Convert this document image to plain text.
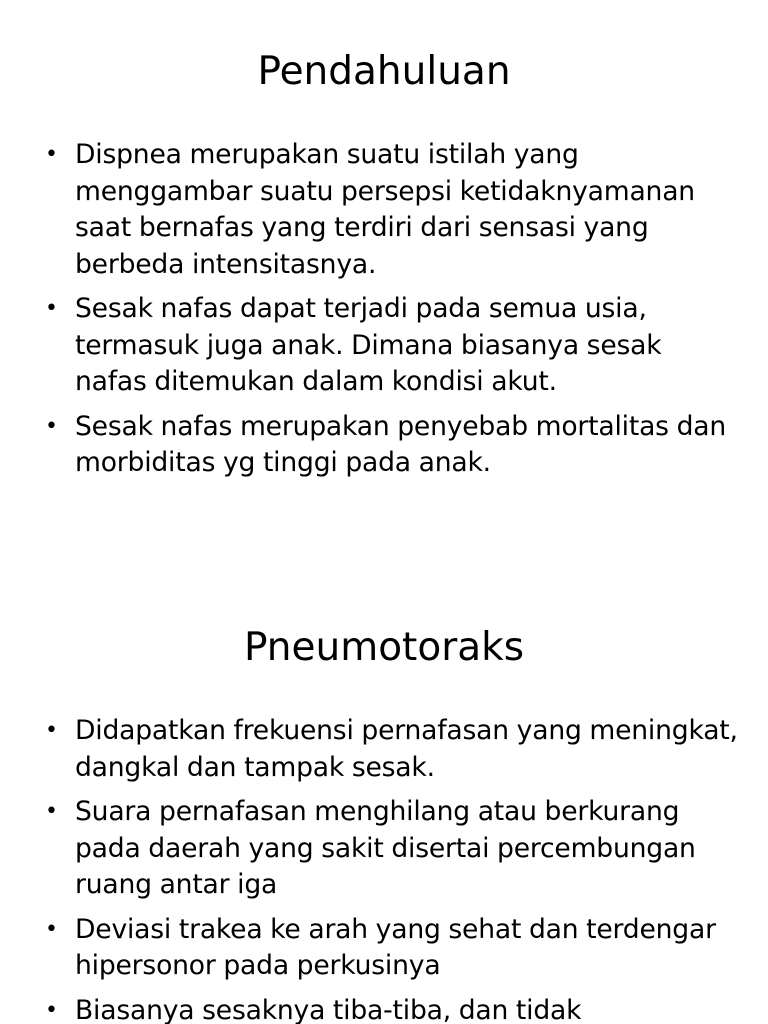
Pendahuluan
• Dispnea merupakan suatu istilah yang menggambar suatu persepsi ketidaknyamanan saat bernafas yang terdiri dari sensasi yang berbeda intensitasnya.
• Sesak nafas dapat terjadi pada semua usia, termasuk juga anak. Dimana biasanya sesak nafas ditemukan dalam kondisi akut.
• Sesak nafas merupakan penyebab mortalitas dan morbiditas yg tinggi pada anak.
Pneumotoraks
• Didapatkan frekuensi pernafasan yang meningkat, dangkal dan tampak sesak.
• Suara pernafasan menghilang atau berkurang pada daerah yang sakit disertai percembungan ruang antar iga
• Deviasi trakea ke arah yang sehat dan terdengar hipersonor pada perkusinya
• Biasanya sesaknya tiba-tiba, dan tidak
